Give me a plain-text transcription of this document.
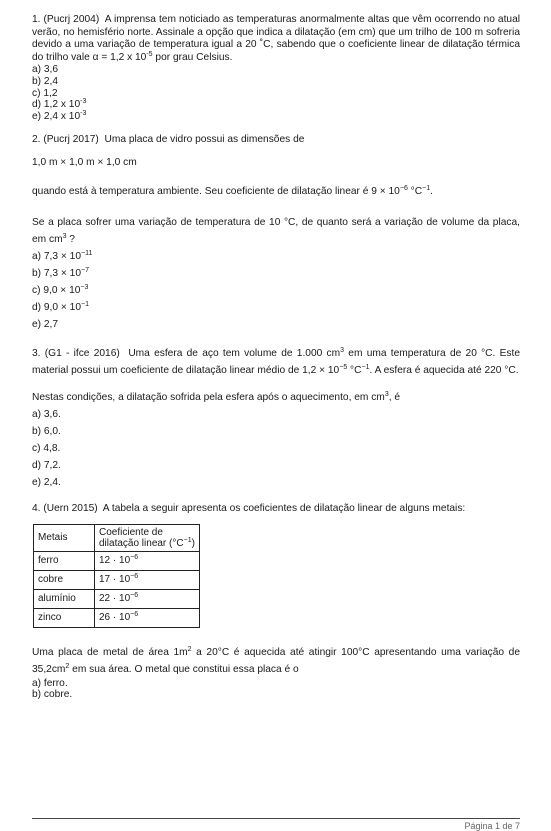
1. (Pucrj 2004) A imprensa tem noticiado as temperaturas anormalmente altas que vêm ocorrendo no atual verão, no hemisfério norte. Assinale a opção que indica a dilatação (em cm) que um trilho de 100 m sofreria devido a uma variação de temperatura igual a 20 ˚C, sabendo que o coeficiente linear de dilatação térmica do trilho vale α = 1,2 x $10^{-5}$ por grau Celsius.

a) 3,6

b) 2,4

c) 1,2

d) 1,2 x $10^{-3}$

e) 2,4 x $10^{-3}$

2. (Pucrj 2017) Uma placa de vidro possui as dimensões de

1,0 m × 1,0 m × 1,0 cm

quando está à temperatura ambiente. Seu coeficiente de dilatação linear é $9 \times 10^{-6}$ $^\circ C^{-1}$.

Se a placa sofrer uma variação de temperatura de 10 °C, de quanto será a variação de volume da placa, em $cm^3$ ?

a) $7,3 \times 10^{-11}$

b) $7,3 \times 10^{-7}$

c) $9,0 \times 10^{-3}$

d) $9,0 \times 10^{-1}$

e) 2,7

3. (G1 - ifce 2016) Uma esfera de aço tem volume de 1.000 $cm^3$ em uma temperatura de 20 °C. Este material possui um coeficiente de dilatação linear médio de $1,2 \times 10^{-5}$ $^\circ C^{-1}$. A esfera é aquecida até 220 °C.

Nestas condições, a dilatação sofrida pela esfera após o aquecimento, em $cm^3$, é

a) 3,6.

b) 6,0.

c) 4,8.

d) 7,2.

e) 2,4.

4. (Uern 2015) A tabela a seguir apresenta os coeficientes de dilatação linear de alguns metais:

Metais	Coeficiente de dilatação linear $(^\circ C^{-1})$
ferro	$12 \cdot 10^{-6}$
cobre	$17 \cdot 10^{-6}$
alumínio	$22 \cdot 10^{-6}$
zinco	$26 \cdot 10^{-6}$

Uma placa de metal de área $1m^2$ a 20°C é aquecida até atingir 100°C apresentando uma variação de $35,2cm^2$ em sua área. O metal que constitui essa placa é o

a) ferro.

b) cobre.

Página 1 de 7
